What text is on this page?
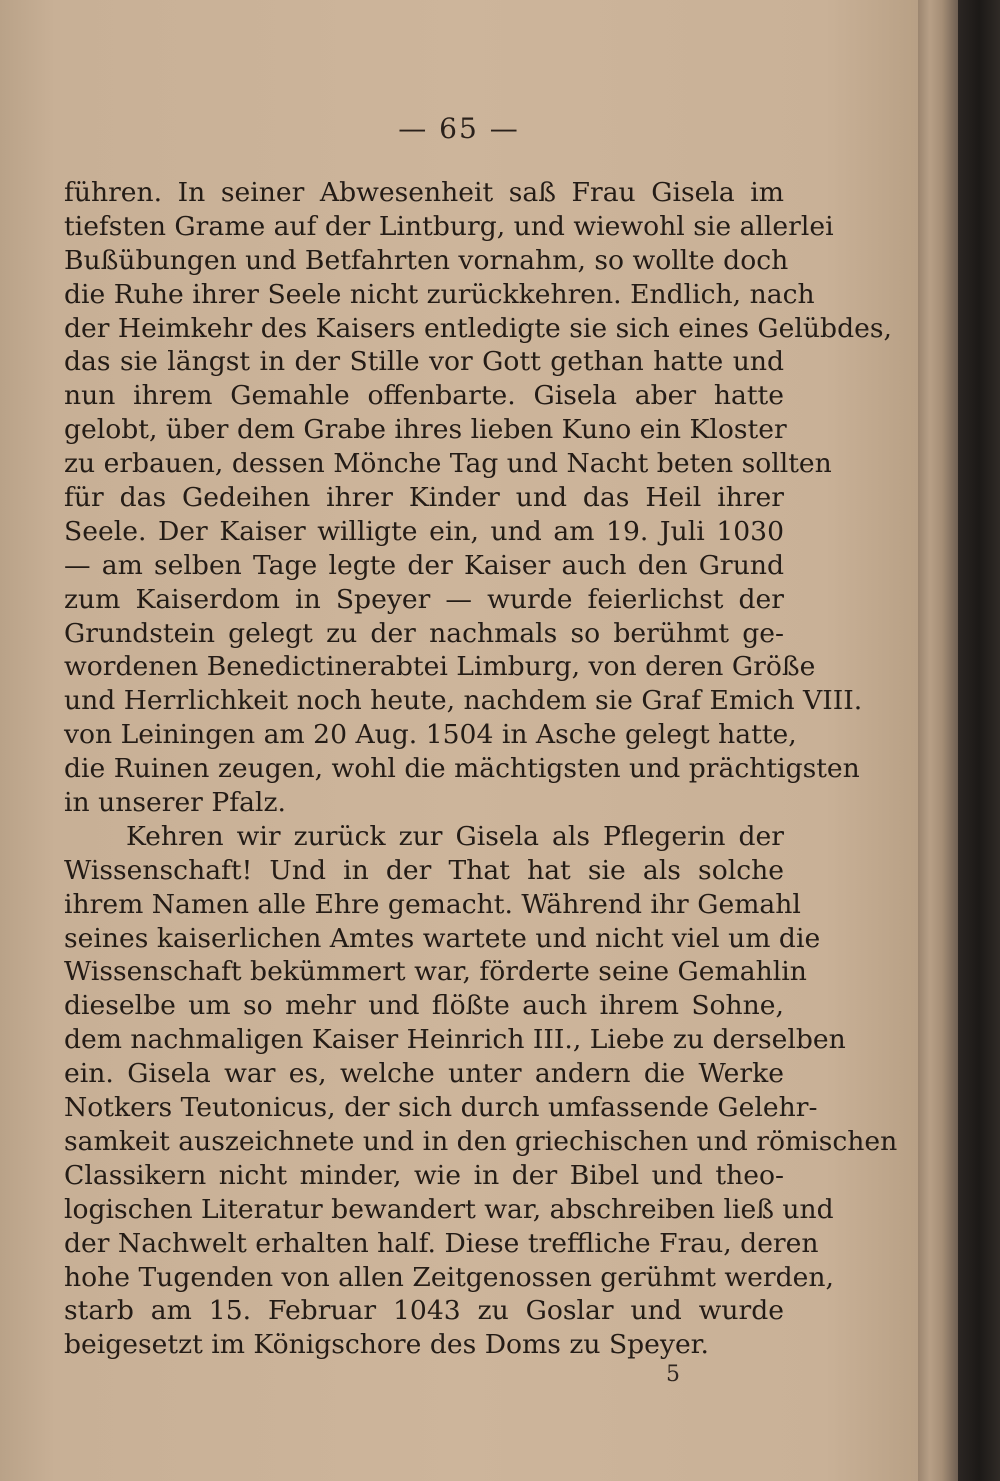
— 65 —
führen. In seiner Abwesenheit saß Frau Gisela im
tiefsten Grame auf der Lintburg, und wiewohl sie allerlei
Bußübungen und Betfahrten vornahm, so wollte doch
die Ruhe ihrer Seele nicht zurückkehren. Endlich, nach
der Heimkehr des Kaisers entledigte sie sich eines Gelübdes,
das sie längst in der Stille vor Gott gethan hatte und
nun ihrem Gemahle offenbarte. Gisela aber hatte
gelobt, über dem Grabe ihres lieben Kuno ein Kloster
zu erbauen, dessen Mönche Tag und Nacht beten sollten
für das Gedeihen ihrer Kinder und das Heil ihrer
Seele. Der Kaiser willigte ein, und am 19. Juli 1030
— am selben Tage legte der Kaiser auch den Grund
zum Kaiserdom in Speyer — wurde feierlichst der
Grundstein gelegt zu der nachmals so berühmt ge-
wordenen Benedictinerabtei Limburg, von deren Größe
und Herrlichkeit noch heute, nachdem sie Graf Emich VIII.
von Leiningen am 20 Aug. 1504 in Asche gelegt hatte,
die Ruinen zeugen, wohl die mächtigsten und prächtigsten
in unserer Pfalz.
Kehren wir zurück zur Gisela als Pflegerin der
Wissenschaft! Und in der That hat sie als solche
ihrem Namen alle Ehre gemacht. Während ihr Gemahl
seines kaiserlichen Amtes wartete und nicht viel um die
Wissenschaft bekümmert war, förderte seine Gemahlin
dieselbe um so mehr und flößte auch ihrem Sohne,
dem nachmaligen Kaiser Heinrich III., Liebe zu derselben
ein. Gisela war es, welche unter andern die Werke
Notkers Teutonicus, der sich durch umfassende Gelehr-
samkeit auszeichnete und in den griechischen und römischen
Classikern nicht minder, wie in der Bibel und theo-
logischen Literatur bewandert war, abschreiben ließ und
der Nachwelt erhalten half. Diese treffliche Frau, deren
hohe Tugenden von allen Zeitgenossen gerühmt werden,
starb am 15. Februar 1043 zu Goslar und wurde
beigesetzt im Königschore des Doms zu Speyer.
5
